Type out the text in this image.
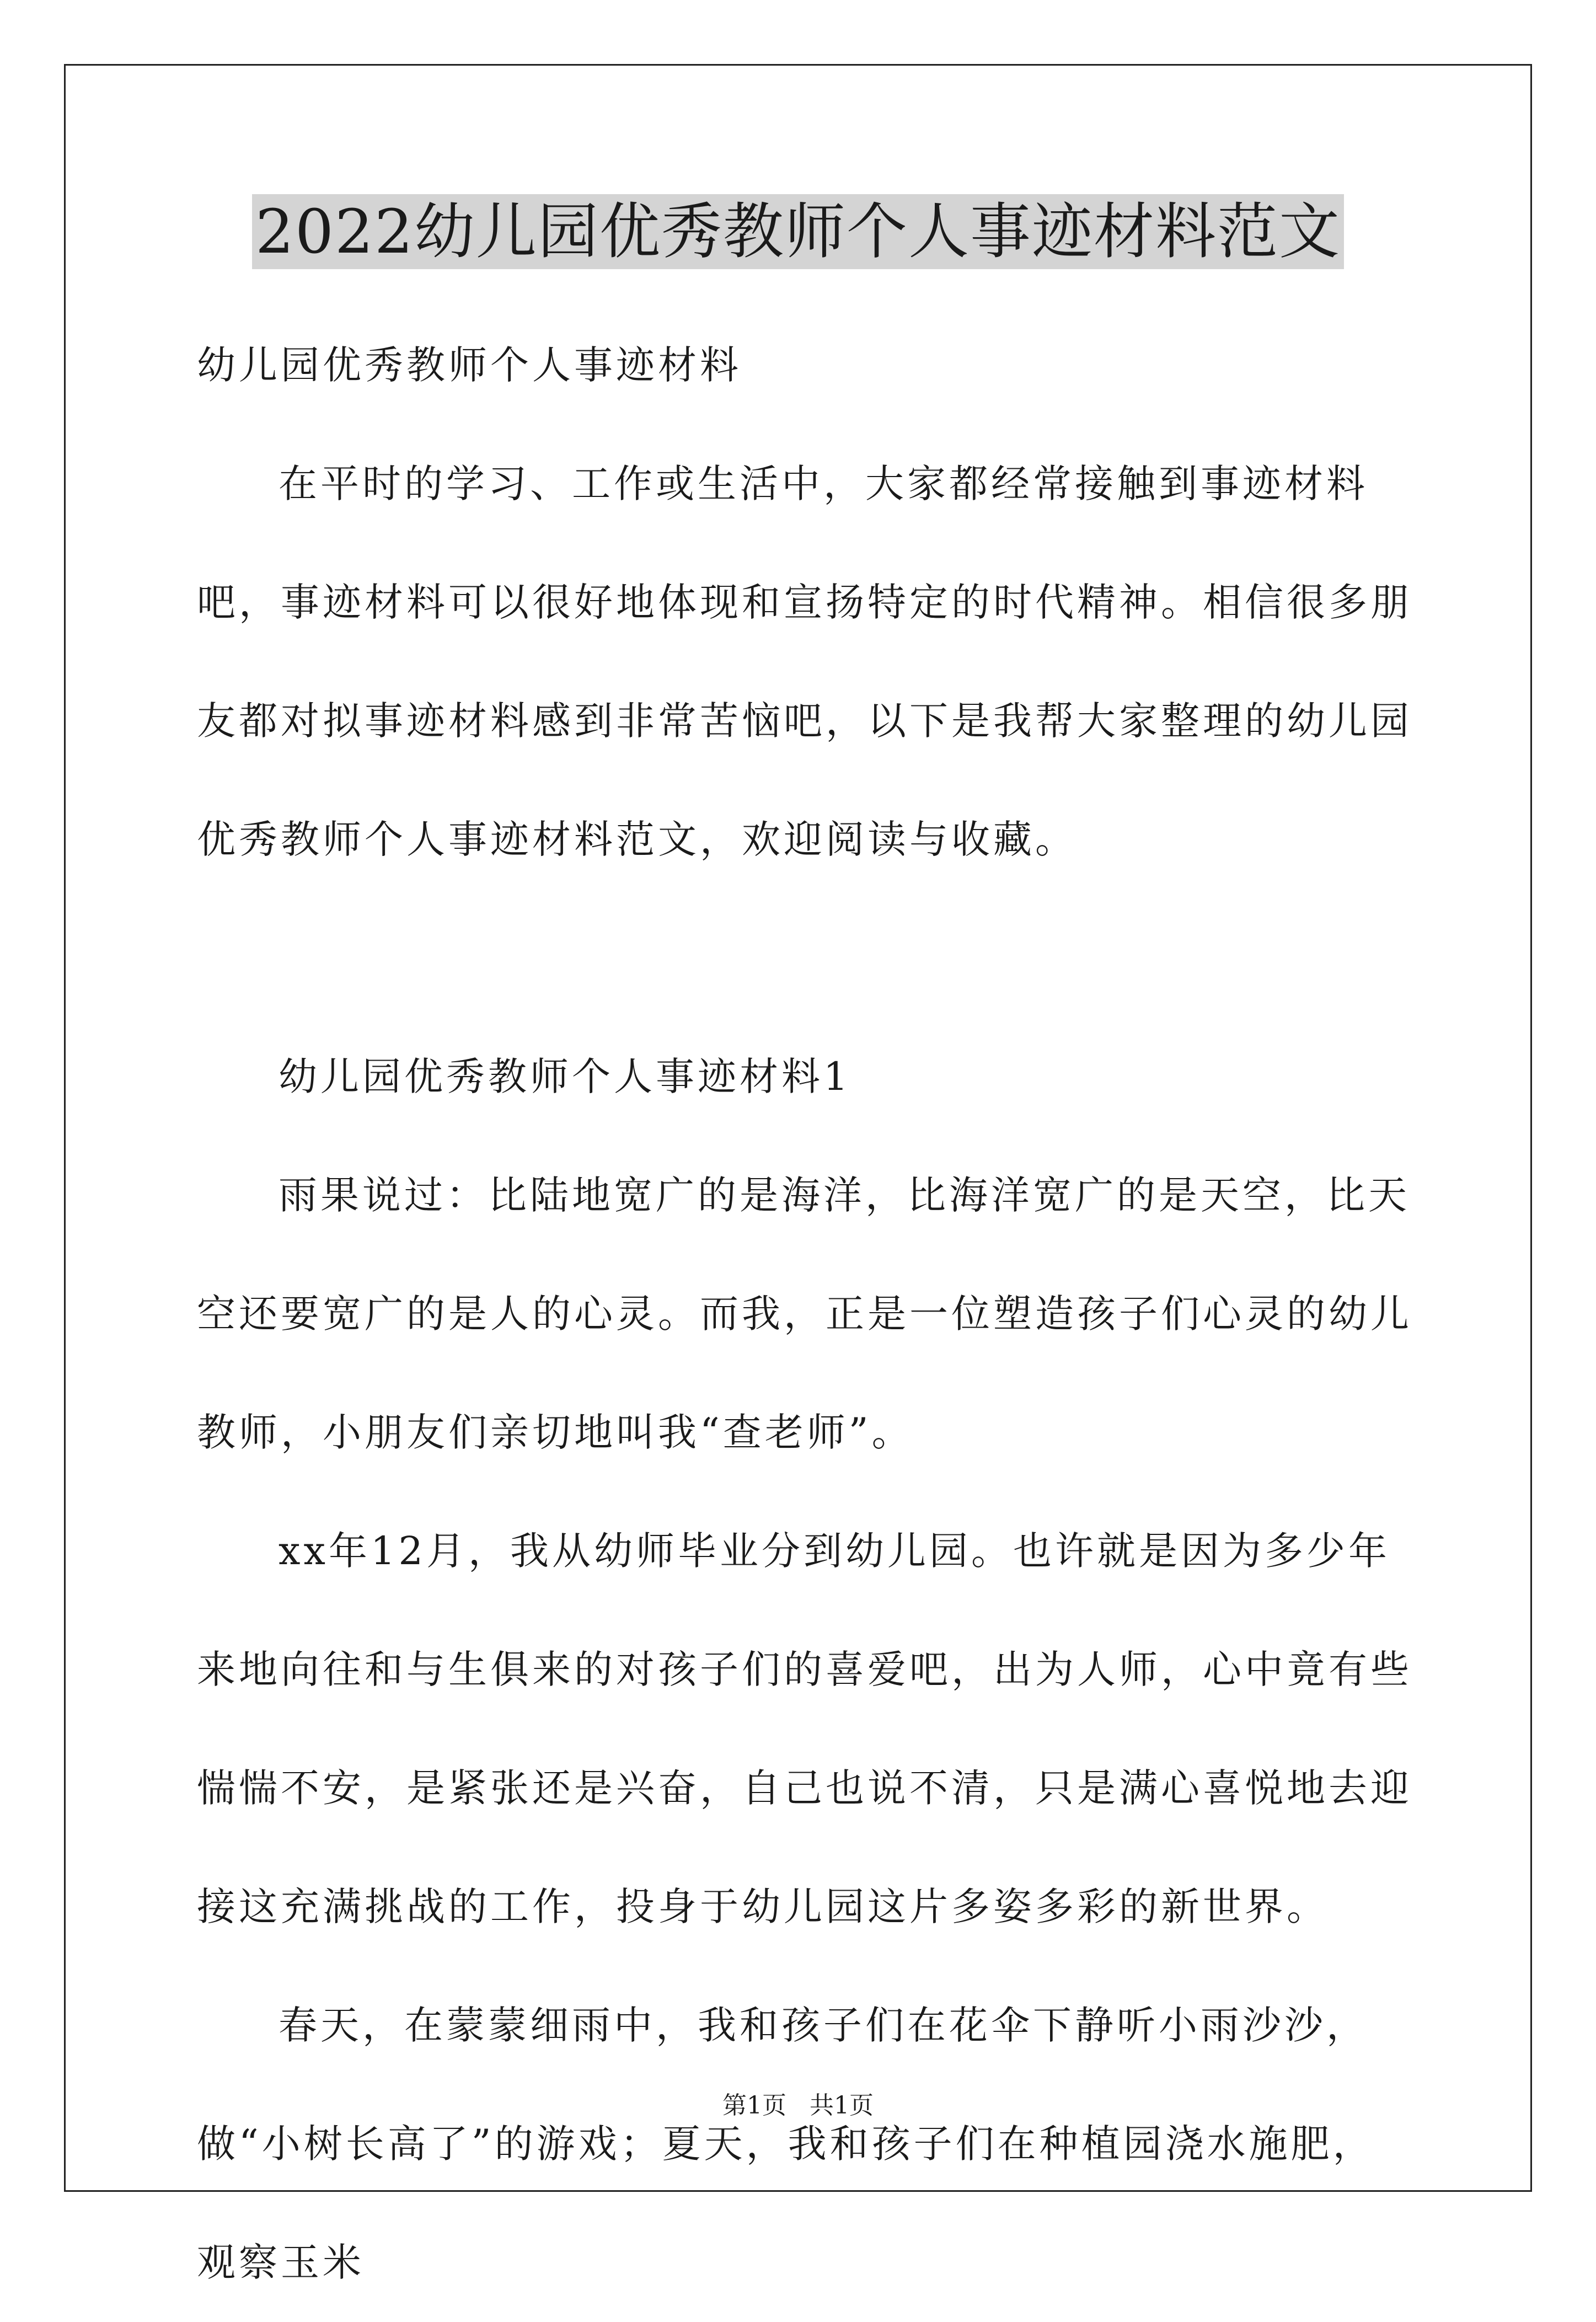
2022幼儿园优秀教师个人事迹材料范文

幼儿园优秀教师个人事迹材料

在平时的学习、工作或生活中，大家都经常接触到事迹材料吧，事迹材料可以很好地体现和宣扬特定的时代精神。相信很多朋友都对拟事迹材料感到非常苦恼吧，以下是我帮大家整理的幼儿园优秀教师个人事迹材料范文，欢迎阅读与收藏。

幼儿园优秀教师个人事迹材料1

雨果说过：比陆地宽广的是海洋，比海洋宽广的是天空，比天空还要宽广的是人的心灵。而我，正是一位塑造孩子们心灵的幼儿教师，小朋友们亲切地叫我“查老师”。

xx年12月，我从幼师毕业分到幼儿园。也许就是因为多少年来地向往和与生俱来的对孩子们的喜爱吧，出为人师，心中竟有些惴惴不安，是紧张还是兴奋，自己也说不清，只是满心喜悦地去迎接这充满挑战的工作，投身于幼儿园这片多姿多彩的新世界。

春天，在蒙蒙细雨中，我和孩子们在花伞下静听小雨沙沙，做“小树长高了”的游戏；夏天，我和孩子们在种植园浇水施肥，观察玉米

第1页   共1页
